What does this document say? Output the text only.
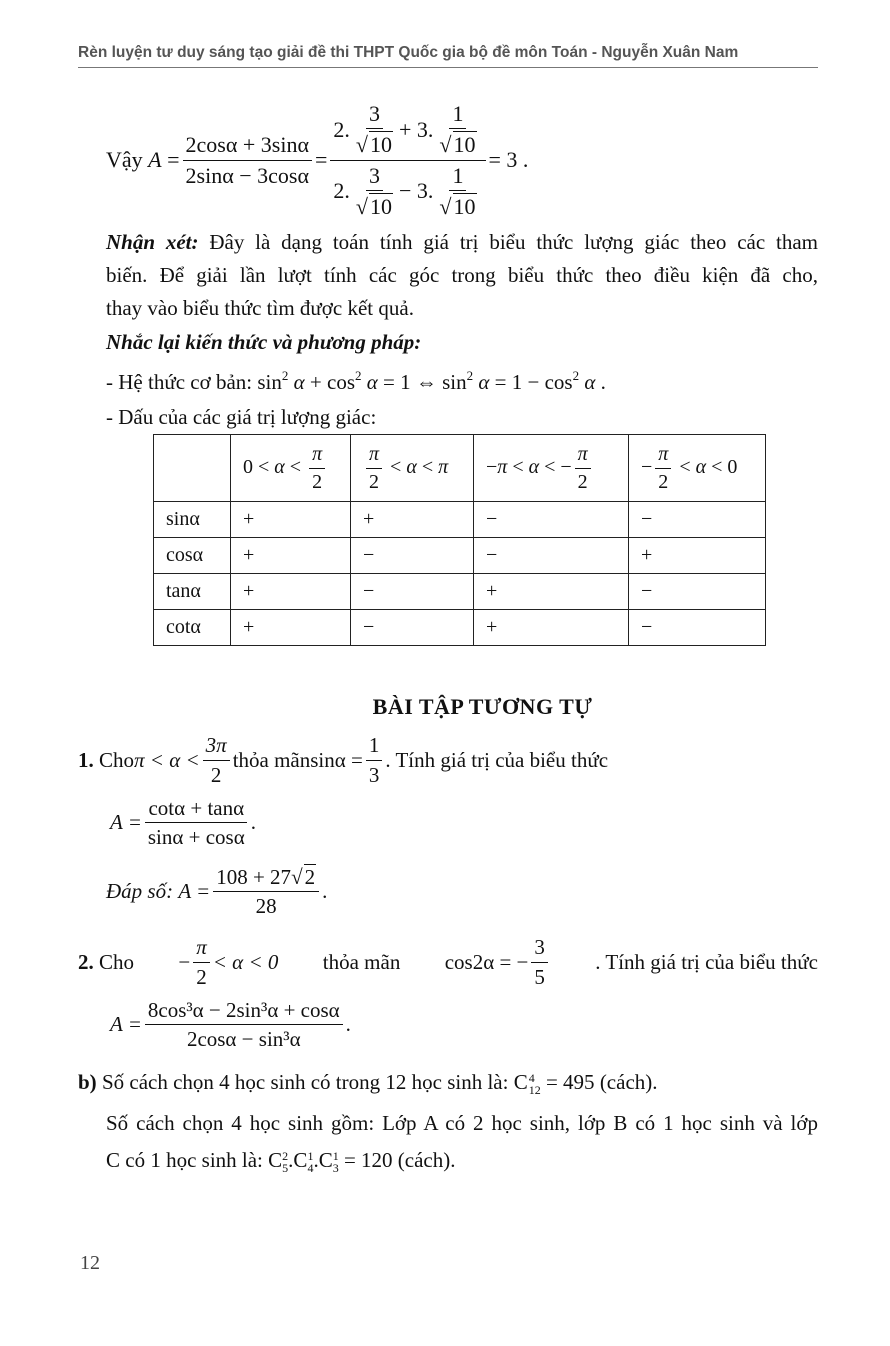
Rèn luyện tư duy sáng tạo giải đề thi THPT Quốc gia bộ đề môn Toán - Nguyễn Xuân Nam
Vậy
$A = \frac{2\cos\alpha + 3\sin\alpha}{2\sin\alpha - 3\cos\alpha} = \frac{2. \frac{3}{√10} + 3. \frac{1}{√10}}{2. \frac{3}{√10} - 3. \frac{1}{√10}} = 3$ .
Nhận xét: Đây là dạng toán tính giá trị biểu thức lượng giác theo các tham
biến. Để giải lần lượt tính các góc trong biểu thức theo điều kiện đã cho,
thay vào biểu thức tìm được kết quả.
Nhắc lại kiến thức và phương pháp:
- Hệ thức cơ bản: $\sin^2 \alpha + \cos^2 \alpha = 1$ ⇔ $\sin^2 \alpha = 1 - \cos^2 \alpha$ .
- Dấu của các giá trị lượng giác:
	$0 < \alpha < \frac{\pi}{2}$	$\frac{\pi}{2} < \alpha < \pi$	−π < α < − $\frac{\pi}{2}$	− $\frac{\pi}{2} < \alpha < 0$
sinα	+	+	−	−
cosα	+	−	−	+
tanα	+	−	+	−
cotα	+	−	+	−
BÀI TẬP TƯƠNG TỰ
1. Cho $\pi < \alpha < \frac{3\pi}{2}$ thỏa mãn $\sin\alpha = \frac{1}{3}$ . Tính giá trị của biểu thức
$A = \frac{\cot\alpha + \tan\alpha}{\sin\alpha + \cos\alpha}$ .
Đáp số:
$A = \frac{108 + 27√2}{28}$ .
2. Cho − $\frac{\pi}{2} < \alpha < 0$ thỏa mãn cos2α = − $\frac{3}{5}$ . Tính giá trị của biểu thức
$A = \frac{\text{8cos³α − 2sin³α + cosα}}{\text{2cosα − sin³α}}$ .
b) Số cách chọn 4 học sinh có trong 12 học sinh là: C 4
12 = 495 (cách).
Số cách chọn 4 học sinh gồm: Lớp A có 2 học sinh, lớp B có 1 học sinh và lớp
C có 1 học sinh là: C 2
5 .C 1
4 .C 1
3 = 120 (cách).
12
